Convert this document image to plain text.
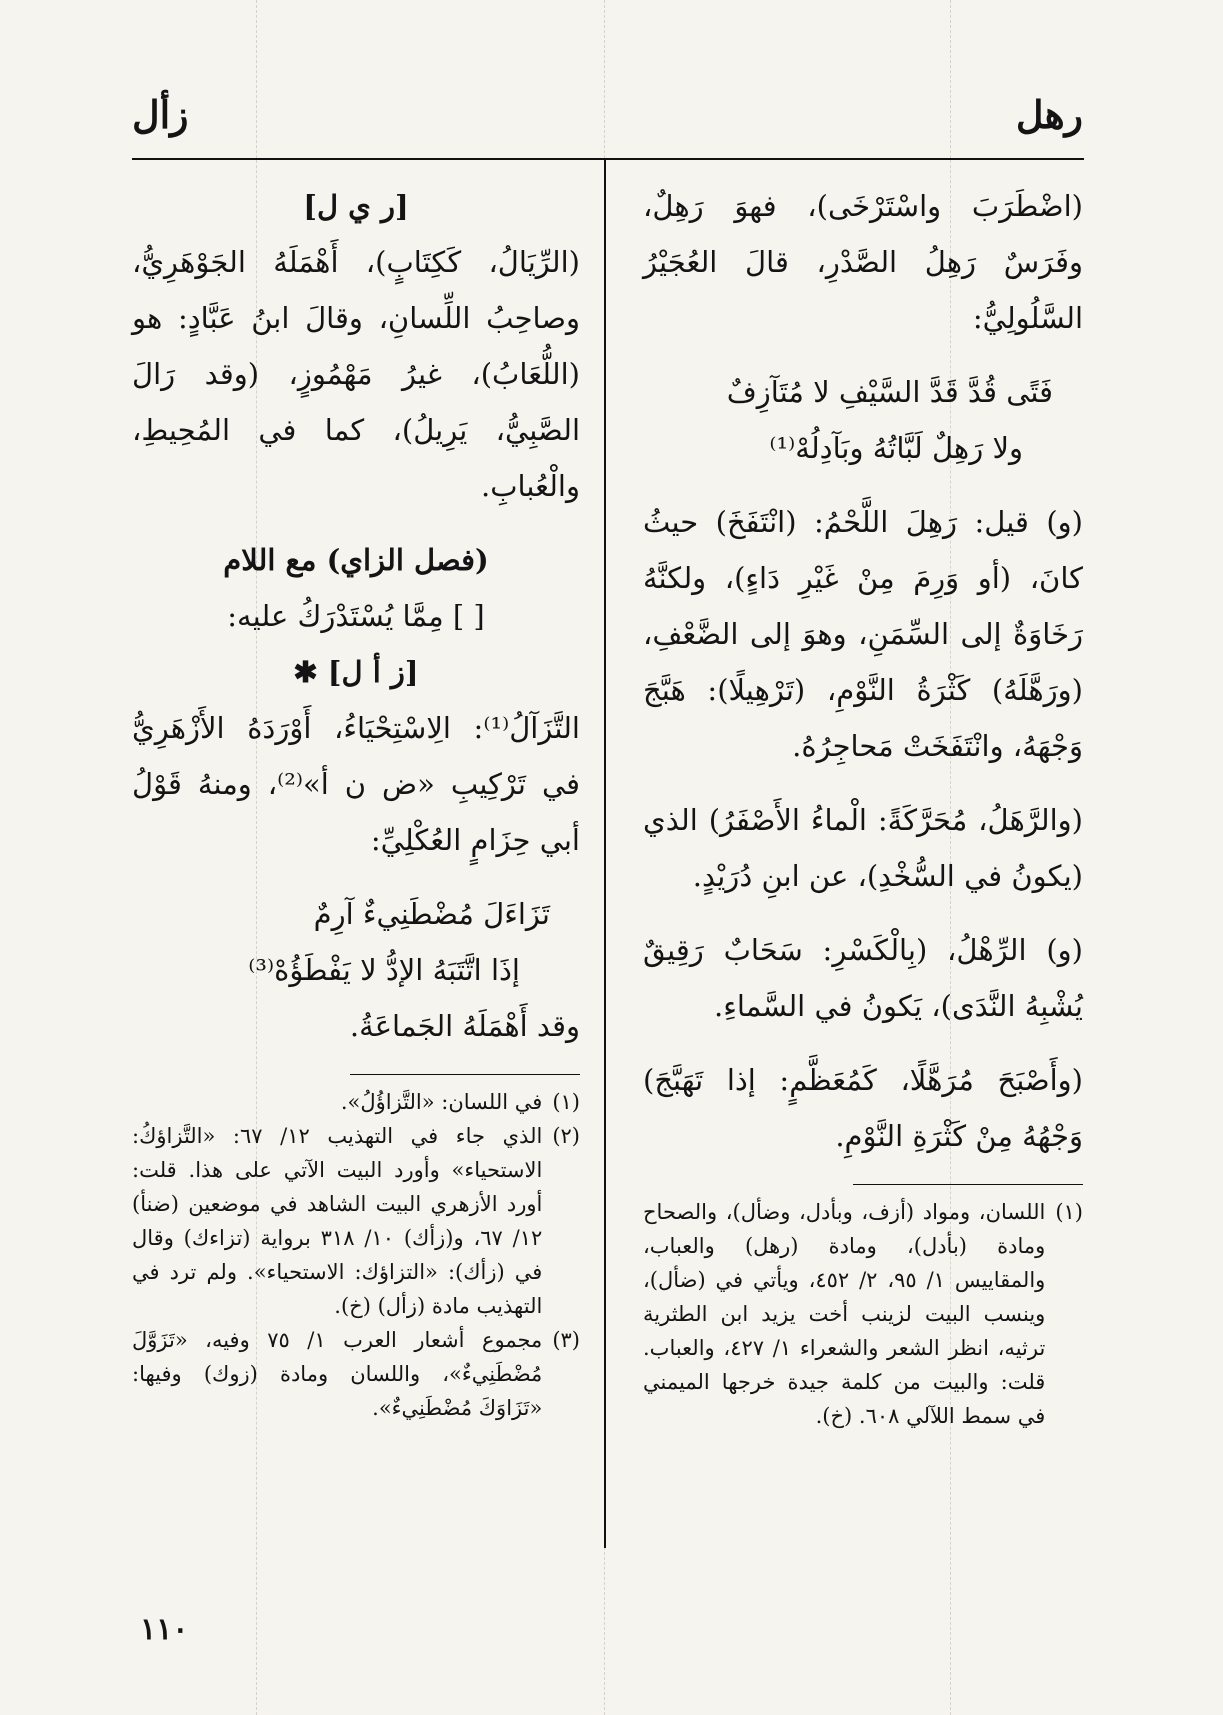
رهل
زأل

(اضْطَرَبَ واسْتَرْخَى)، فهوَ رَهِلٌ، وفَرَسٌ رَهِلُ الصَّدْرِ، قالَ العُجَيْرُ السَّلُولِيُّ:

فَتًى قُدَّ قَدَّ السَّيْفِ لا مُتَآزِفٌ

ولا رَهِلٌ لَبَّاتُهُ وبَآدِلُهْ⁽¹⁾

(و) قيل: رَهِلَ اللَّحْمُ: (انْتَفَخَ) حيثُ كانَ، (أو وَرِمَ مِنْ غَيْرِ دَاءٍ)، ولكنَّهُ رَخَاوَةٌ إلى السِّمَنِ، وهوَ إلى الضَّعْفِ، (ورَهَّلَهُ) كَثْرَةُ النَّوْمِ، (تَرْهِيلًا): هَبَّجَ وَجْهَهُ، وانْتَفَخَتْ مَحاجِرُهُ.

(والرَّهَلُ، مُحَرَّكَةً: الْماءُ الأَصْفَرُ) الذي (يكونُ في السُّخْدِ)، عن ابنِ دُرَيْدٍ.

(و) الرِّهْلُ، (بِالْكَسْرِ: سَحَابٌ رَقِيقٌ يُشْبِهُ النَّدَى)، يَكونُ في السَّماءِ.

(وأَصْبَحَ مُرَهَّلًا، كَمُعَظَّمٍ: إذا تَهَبَّجَ) وَجْهُهُ مِنْ كَثْرَةِ النَّوْمِ.

(١)
اللسان، ومواد (أزف، وبأدل، وضأل)، والصحاح ومادة (بأدل)، ومادة (رهل) والعباب، والمقاييس ١/ ٩٥، ٢/ ٤٥٢، ويأتي في (ضأل)، وينسب البيت لزينب أخت يزيد ابن الطثرية ترثيه، انظر الشعر والشعراء ١/ ٤٢٧، والعباب. قلت: والبيت من كلمة جيدة خرجها الميمني في سمط اللآلي ٦٠٨. (خ).

[ر ي ل]

(الرِّيَالُ، كَكِتَابٍ)، أَهْمَلَهُ الجَوْهَرِيُّ، وصاحِبُ اللِّسانِ، وقالَ ابنُ عَبَّادٍ: هو (اللُّعَابُ)، غيرُ مَهْمُوزٍ، (وقد رَالَ الصَّبِيُّ، يَرِيلُ)، كما في المُحِيطِ، والْعُبابِ.

(فصل الزاي) مع اللام

[ ] مِمَّا يُسْتَدْرَكُ عليه:

[ز أ ل] ✱

التَّزَآلُ⁽¹⁾: الِاسْتِحْيَاءُ، أَوْرَدَهُ الأَزْهَرِيُّ في تَرْكِيبِ «ض ن أ»⁽²⁾، ومنهُ قَوْلُ أبي حِزَامٍ العُكْلِيِّ:

تَزَاءَلَ مُضْطَنِيءٌ آرِمٌ

إذَا اتَّتَبَهُ الإدُّ لا يَفْطَؤُهْ⁽³⁾

وقد أَهْمَلَهُ الجَماعَةُ.

(١)
في اللسان: «التَّزاؤُلُ».
(٢)
الذي جاء في التهذيب ١٢/ ٦٧: «التَّزاؤكُ: الاستحياء» وأورد البيت الآتي على هذا. قلت: أورد الأزهري البيت الشاهد في موضعين (ضنأ) ١٢/ ٦٧، و(زأك) ١٠/ ٣١٨ برواية (تزاءك) وقال في (زأك): «التزاؤك: الاستحياء». ولم ترد في التهذيب مادة (زأل) (خ).
(٣)
مجموع أشعار العرب ١/ ٧٥ وفيه، «تَزَوَّلَ مُضْطَنِيءٌ»، واللسان ومادة (زوك) وفيها: «تَزَاوَكَ مُضْطَنِيءٌ».
١١٠
